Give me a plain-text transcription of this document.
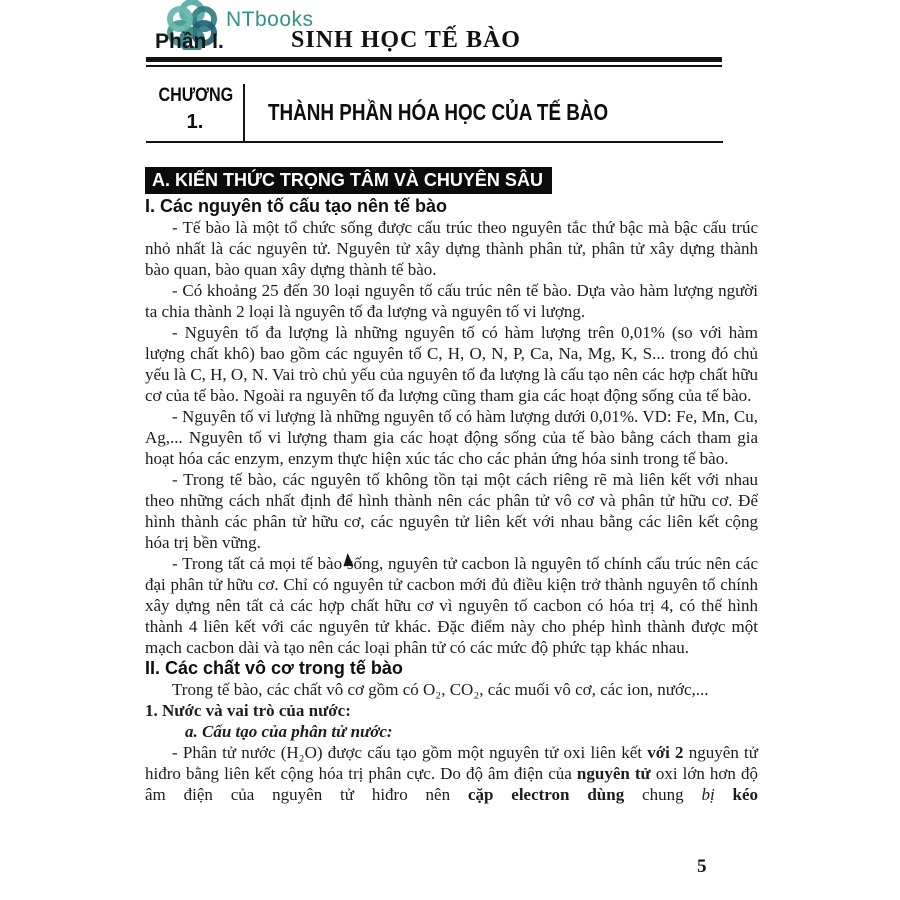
NTbooks
Phần I.	SINH HỌC TẾ BÀO
CHƯƠNG
1.	THÀNH PHẦN HÓA HỌC CỦA TẾ BÀO
A. KIẾN THỨC TRỌNG TÂM VÀ CHUYÊN SÂU
I. Các nguyên tố cấu tạo nên tế bào

- Tế bào là một tổ chức sống được cấu trúc theo nguyên tắc thứ bậc mà bậc cấu trúc nhỏ nhất là các nguyên tử. Nguyên tử xây dựng thành phân tử, phân tử xây dựng thành bào quan, bào quan xây dựng thành tế bào.

- Có khoảng 25 đến 30 loại nguyên tố cấu trúc nên tế bào. Dựa vào hàm lượng người ta chia thành 2 loại là nguyên tố đa lượng và nguyên tố vi lượng.

- Nguyên tố đa lượng là những nguyên tố có hàm lượng trên 0,01% (so với hàm lượng chất khô) bao gồm các nguyên tố C, H, O, N, P, Ca, Na, Mg, K, S... trong đó chủ yếu là C, H, O, N. Vai trò chủ yếu của nguyên tố đa lượng là cấu tạo nên các hợp chất hữu cơ của tế bào. Ngoài ra nguyên tố đa lượng cũng tham gia các hoạt động sống của tế bào.

- Nguyên tố vi lượng là những nguyên tố có hàm lượng dưới 0,01%. VD: Fe, Mn, Cu, Ag,... Nguyên tố vi lượng tham gia các hoạt động sống của tế bào bằng cách tham gia hoạt hóa các enzym, enzym thực hiện xúc tác cho các phản ứng hóa sinh trong tế bào.

- Trong tế bào, các nguyên tố không tồn tại một cách riêng rẽ mà liên kết với nhau theo những cách nhất định để hình thành nên các phân tử vô cơ và phân tử hữu cơ. Để hình thành các phân tử hữu cơ, các nguyên tử liên kết với nhau bằng các liên kết cộng hóa trị bền vững.

- Trong tất cả mọi tế bào sống, nguyên tử cacbon là nguyên tố chính cấu trúc nên các đại phân tử hữu cơ. Chỉ có nguyên tử cacbon mới đủ điều kiện trở thành nguyên tố chính xây dựng nên tất cả các hợp chất hữu cơ vì nguyên tố cacbon có hóa trị 4, có thể hình thành 4 liên kết với các nguyên tử khác. Đặc điểm này cho phép hình thành được một mạch cacbon dài và tạo nên các loại phân tử có các mức độ phức tạp khác nhau.

II. Các chất vô cơ trong tế bào

Trong tế bào, các chất vô cơ gồm có O₂, CO₂, các muối vô cơ, các ion, nước,...

1. Nước và vai trò của nước:

a. Cấu tạo của phân tử nước:

- Phân tử nước (H₂O) được cấu tạo gồm một nguyên tử oxi liên kết với 2 nguyên tử hiđro bằng liên kết cộng hóa trị phân cực. Do độ âm điện của nguyên tử oxi lớn hơn độ âm điện của nguyên tử hiđro nên cặp electron dùng chung bị kéo

5
